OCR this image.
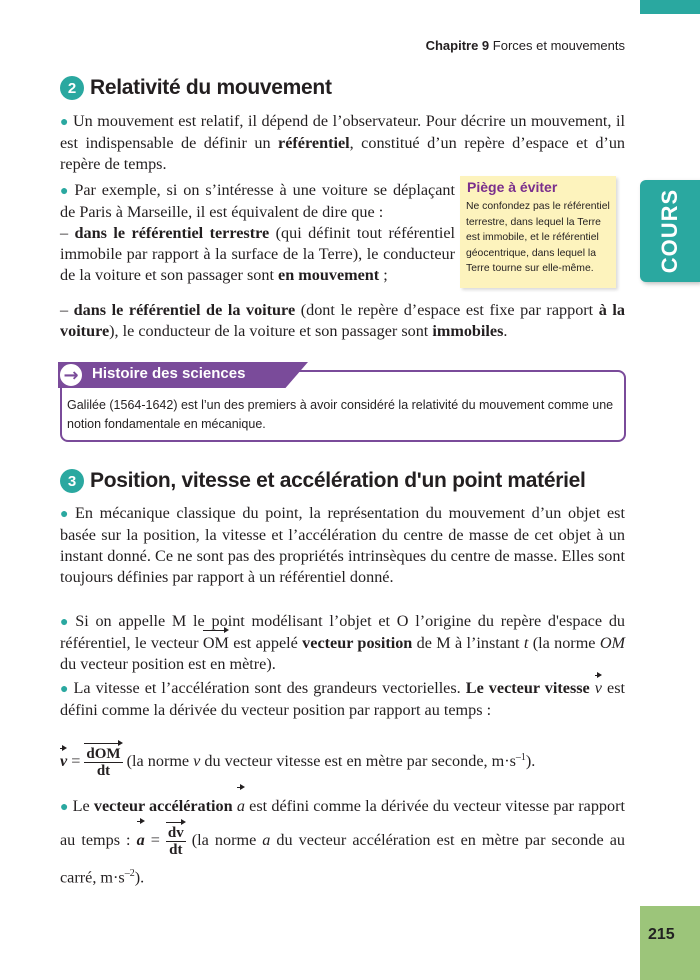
COURS
215
Chapitre 9 Forces et mouvements
2 Relativité du mouvement
● Un mouvement est relatif, il dépend de l’observateur. Pour décrire un mouvement, il est indispensable de définir un référentiel, constitué d’un repère d’espace et d’un repère de temps.
● Par exemple, si on s’intéresse à une voiture se déplaçant de Paris à Marseille, il est équivalent de dire que :
– dans le référentiel terrestre (qui définit tout référentiel immobile par rapport à la surface de la Terre), le conducteur de la voiture et son passager sont en mouvement ;
– dans le référentiel de la voiture (dont le repère d’espace est fixe par rapport à la voiture), le conducteur de la voiture et son passager sont immobiles.
Piège à éviter
Ne confondez pas le référentiel terrestre, dans lequel la Terre est immobile, et le référentiel géocentrique, dans lequel la Terre tourne sur elle-même.
→ Histoire des sciences
Galilée (1564-1642) est l’un des premiers à avoir considéré la relativité du mouvement comme une notion fondamentale en mécanique.
3 Position, vitesse et accélération d'un point matériel
● En mécanique classique du point, la représentation du mouvement d’un objet est basée sur la position, la vitesse et l’accélération du centre de masse de cet objet à un instant donné. Ce ne sont pas des propriétés intrinsèques du centre de masse. Elles sont toujours définies par rapport à un référentiel donné.
● Si on appelle M le point modélisant l’objet et O l’origine du repère d'espace du référentiel, le vecteur OM est appelé vecteur position de M à l’instant t (la norme OM du vecteur position est en mètre).
● La vitesse et l’accélération sont des grandeurs vectorielles. Le vecteur vitesse v est défini comme la dérivée du vecteur position par rapport au temps :
$v = \frac{\text{dOM}}{dt} (la$ norme v du vecteur vitesse est en mètre par seconde, $m\cdot s^{-1}$).
● Le vecteur accélération a est défini comme la dérivée du vecteur vitesse par rapport au temps : $a = \frac{dv}{dt} (la$ norme a du vecteur accélération est en mètre par seconde au carré, $m\cdot s^{-2}$).
